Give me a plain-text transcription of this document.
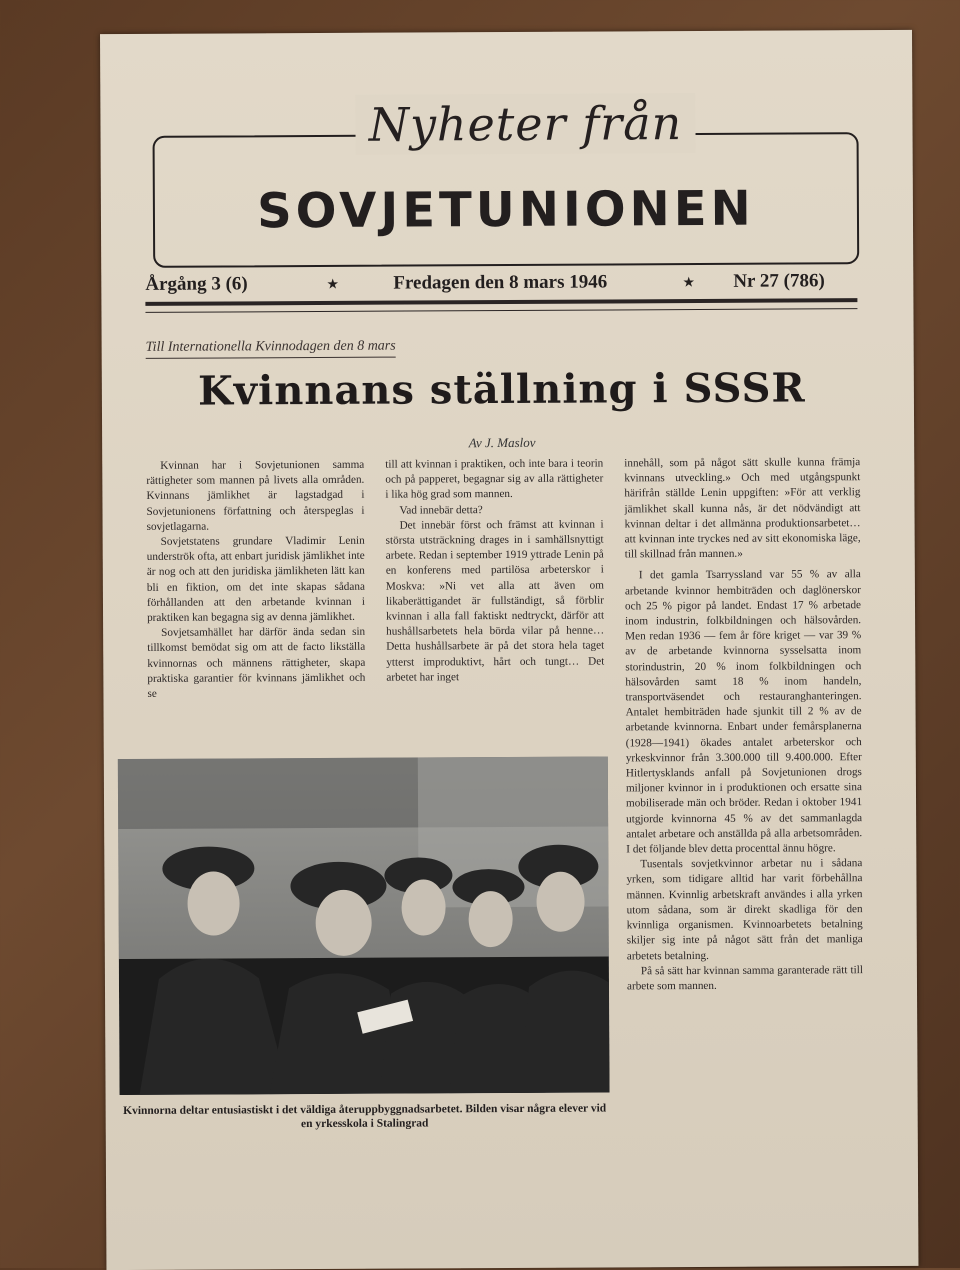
Nyheter från
SOVJETUNIONEN
Årgång 3 (6)	★	Fredagen den 8 mars 1946	★ Nr 27 (786)
Till Internationella Kvinnodagen den 8 mars
Kvinnans ställning i SSSR
Av J. Maslov

Kvinnan har i Sovjetunionen samma rättigheter som mannen på livets alla områden. Kvinnans jämlikhet är lagstadgad i Sovjetunionens författning och återspeglas i sovjetlagarna.

Sovjetstatens grundare Vladimir Lenin underströk ofta, att enbart juridisk jämlikhet inte är nog och att den juridiska jämlikheten lätt kan bli en fiktion, om det inte skapas sådana förhållanden att den arbetande kvinnan i praktiken kan begagna sig av denna jämlikhet.

Sovjetsamhället har därför ända sedan sin tillkomst bemödat sig om att de facto likställa kvinnornas och männens rättigheter, skapa praktiska garantier för kvinnans jämlikhet och se

till att kvinnan i praktiken, och inte bara i teorin och på papperet, begagnar sig av alla rättigheter i lika hög grad som mannen.

Vad innebär detta?

Det innebär först och främst att kvinnan i största utsträckning drages in i samhällsnyttigt arbete. Redan i september 1919 yttrade Lenin på en konferens med partilösa arbeterskor i Moskva: »Ni vet alla att även om likaberättigandet är fullständigt, så förblir kvinnan i alla fall faktiskt nedtryckt, därför att hushållsarbetets hela börda vilar på henne… Detta hushållsarbete är på det stora hela taget ytterst improduktivt, hårt och tungt… Det arbetet har inget

innehåll, som på något sätt skulle kunna främja kvinnans utveckling.» Och med utgångspunkt härifrån ställde Lenin uppgiften: »För att verklig jämlikhet skall kunna nås, är det nödvändigt att kvinnan deltar i det allmänna produktionsarbetet… att kvinnan inte tryckes ned av sitt ekonomiska läge, till skillnad från mannen.»

I det gamla Tsarryssland var 55 % av alla arbetande kvinnor hembiträden och daglönerskor och 25 % pigor på landet. Endast 17 % arbetade inom industrin, folkbildningen och hälsovården. Men redan 1936 — fem år före kriget — var 39 % av de arbetande kvinnorna sysselsatta inom storindustrin, 20 % inom folkbildningen och hälsovården samt 18 % inom handeln, transportväsendet och restauranghanteringen. Antalet hembiträden hade sjunkit till 2 % av de arbetande kvinnorna. Enbart under femårsplanerna (1928—1941) ökades antalet arbeterskor och yrkeskvinnor från 3.300.000 till 9.400.000. Efter Hitlertysklands anfall på Sovjetunionen drogs miljoner kvinnor in i produktionen och ersatte sina mobiliserade män och bröder. Redan i oktober 1941 utgjorde kvinnorna 45 % av det sammanlagda antalet arbetare och anställda på alla arbetsområden. I det följande blev detta procenttal ännu högre.

Tusentals sovjetkvinnor arbetar nu i sådana yrken, som tidigare alltid har varit förbehållna männen. Kvinnlig arbetskraft användes i alla yrken utom sådana, som är direkt skadliga för den kvinnliga organismen. Kvinnoarbetets betalning skiljer sig inte på något sätt från det manliga arbetets betalning.

På så sätt har kvinnan samma garanterade rätt till arbete som mannen.

Kvinnorna deltar entusiastiskt i det väldiga återuppbyggnadsarbetet. Bilden visar några elever vid en yrkesskola i Stalingrad
